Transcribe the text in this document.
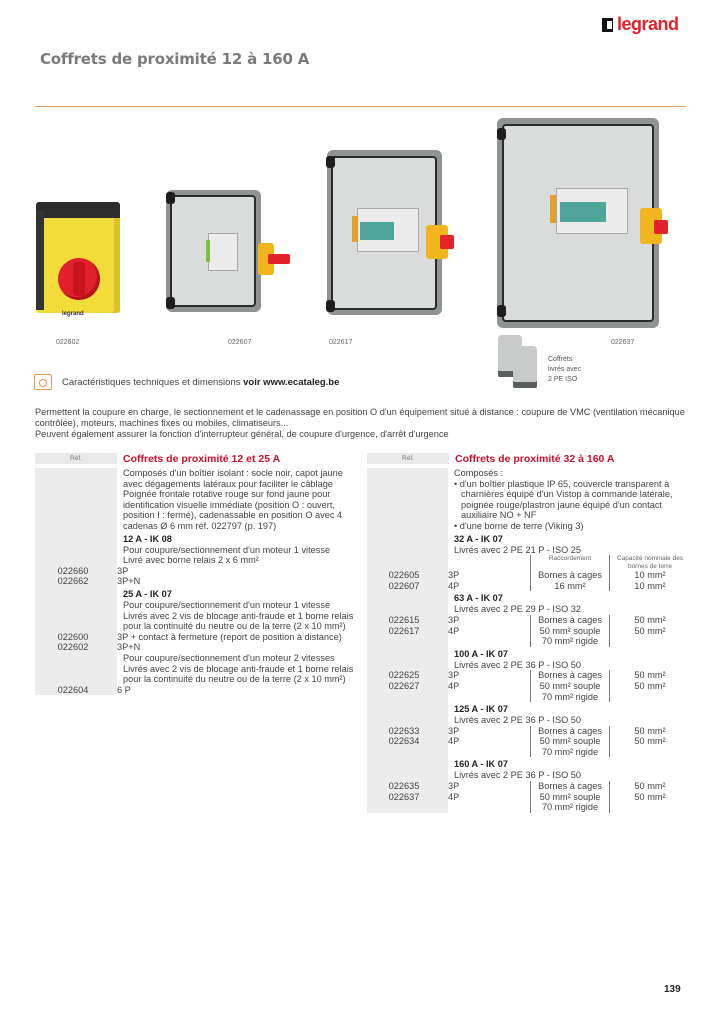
legrand
Coffrets de proximité 12 à 160 A
legrand
022602	022607	022617	022637
Coffrets
livrés avec
2 PE ISO
Caractéristiques techniques et dimensions voir www.ecataleg.be
Permettent la coupure en charge, le sectionnement et le cadenassage en position O d'un équipement situé à distance : coupure de VMC (ventilation mécanique contrôlée), moteurs, machines fixes ou mobiles, climatiseurs...
Peuvent également assurer la fonction d'interrupteur général, de coupure d'urgence, d'arrêt d'urgence
Réf.	Coffrets de proximité 12 et 25 A
Composés d'un boîtier isolant : socle noir, capot jaune avec dégagements latéraux pour faciliter le câblage Poignée frontale rotative rouge sur fond jaune pour identification visuelle immédiate (position O : ouvert, position I : fermé), cadenassable en position O avec 4 cadenas Ø 6 mm réf. 022797 (p. 197)
12 A - IK 08
Pour coupure/sectionnement d'un moteur 1 vitesse
Livré avec borne relais 2 x 6 mm²
022660	3P
022662	3P+N
25 A - IK 07
Pour coupure/sectionnement d'un moteur 1 vitesse
Livrés avec 2 vis de blocage anti-fraude et 1 borne relais pour la continuité du neutre ou de la terre (2 x 10 mm²)
022600	3P + contact à fermeture (report de position à distance)
022602	3P+N
Pour coupure/sectionnement d'un moteur 2 vitesses
Livrés avec 2 vis de blocage anti-fraude et 1 borne relais pour la continuité du neutre ou de la terre (2 x 10 mm²)
022604	6 P
Réf.	Coffrets de proximité 32 à 160 A
Composés :
• d'un boîtier plastique IP 65, couvercle transparent à charnières équipé d'un Vistop à commande latérale, poignée rouge/plastron jaune équipé d'un contact auxiliaire NO + NF
• d'une borne de terre (Viking 3)
32 A - IK 07
Livrés avec 2 PE 21 P - ISO 25
Raccordement	Capacité nominale des bornes de terre
022605	3P	Bornes à cages	10 mm²
022607	4P	16 mm²	10 mm²
63 A - IK 07
Livrés avec 2 PE 29 P - ISO 32
022615	3P	Bornes à cages	50 mm²
022617	4P	50 mm² souple	50 mm²
70 mm² rigide
100 A - IK 07
Livrés avec 2 PE 36 P - ISO 50
022625	3P	Bornes à cages	50 mm²
022627	4P	50 mm² souple	50 mm²
70 mm² rigide
125 A - IK 07
Livrés avec 2 PE 36 P - ISO 50
022633	3P	Bornes à cages	50 mm²
022634	4P	50 mm² souple	50 mm²
70 mm² rigide
160 A - IK 07
Livrés avec 2 PE 36 P - ISO 50
022635	3P	Bornes à cages	50 mm²
022637	4P	50 mm² souple	50 mm²
70 mm² rigide
139
